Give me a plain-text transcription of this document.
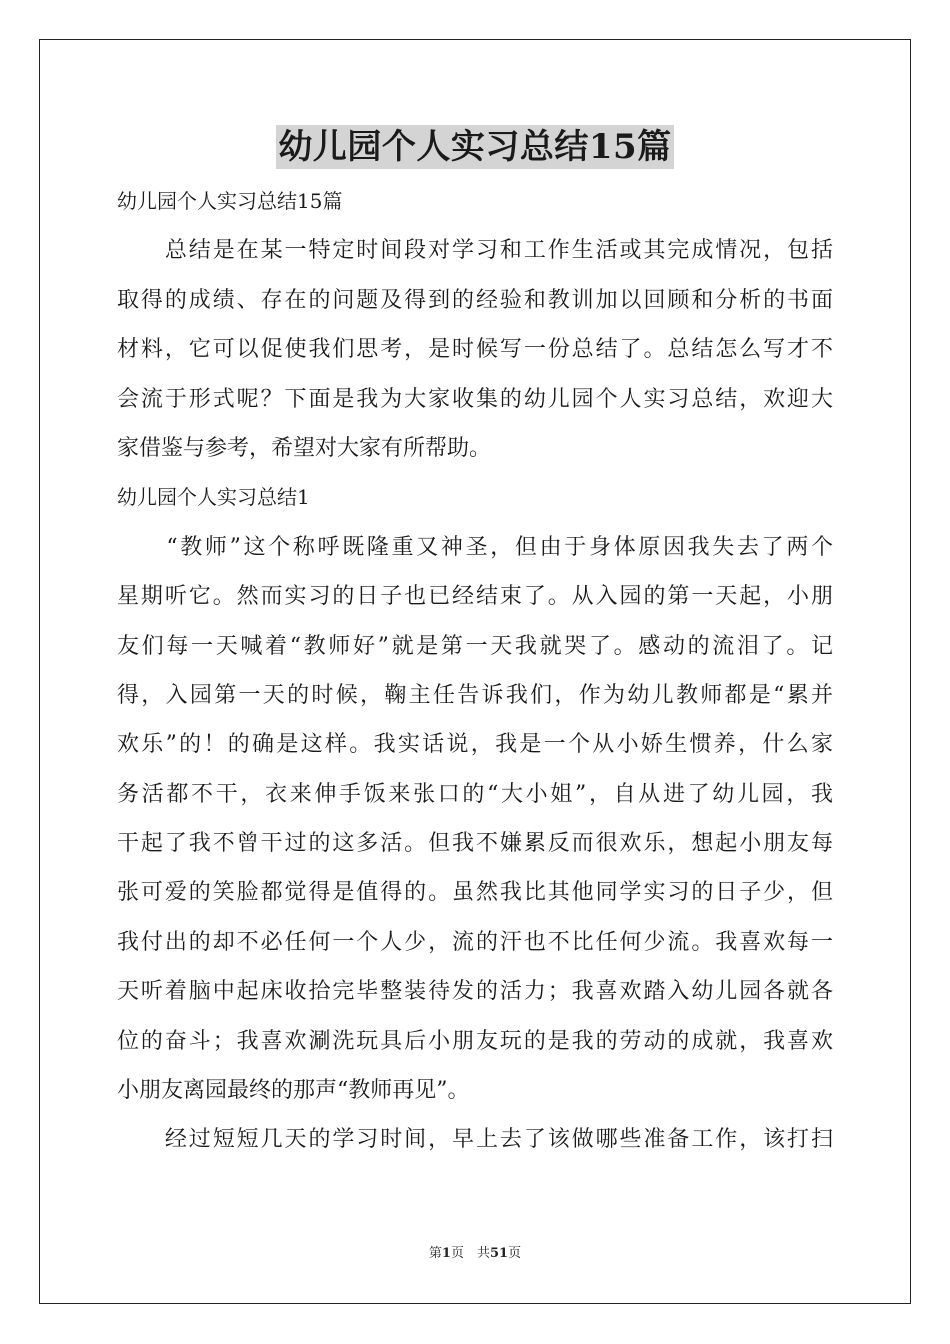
幼儿园个人实习总结15篇
幼儿园个人实习总结15篇
　　总结是在某一特定时间段对学习和工作生活或其完成情况，包括
取得的成绩、存在的问题及得到的经验和教训加以回顾和分析的书面
材料，它可以促使我们思考，是时候写一份总结了。总结怎么写才不
会流于形式呢？下面是我为大家收集的幼儿园个人实习总结，欢迎大
家借鉴与参考，希望对大家有所帮助。
幼儿园个人实习总结1
　　“教师”这个称呼既隆重又神圣，但由于身体原因我失去了两个
星期听它。然而实习的日子也已经结束了。从入园的第一天起，小朋
友们每一天喊着“教师好”就是第一天我就哭了。感动的流泪了。记
得，入园第一天的时候，鞠主任告诉我们，作为幼儿教师都是“累并
欢乐”的！的确是这样。我实话说，我是一个从小娇生惯养，什么家
务活都不干，衣来伸手饭来张口的“大小姐”，自从进了幼儿园，我
干起了我不曾干过的这多活。但我不嫌累反而很欢乐，想起小朋友每
张可爱的笑脸都觉得是值得的。虽然我比其他同学实习的日子少，但
我付出的却不必任何一个人少，流的汗也不比任何少流。我喜欢每一
天听着脑中起床收拾完毕整装待发的活力；我喜欢踏入幼儿园各就各
位的奋斗；我喜欢涮洗玩具后小朋友玩的是我的劳动的成就，我喜欢
小朋友离园最终的那声“教师再见”。
　　经过短短几天的学习时间，早上去了该做哪些准备工作，该打扫
第1页　共51页
